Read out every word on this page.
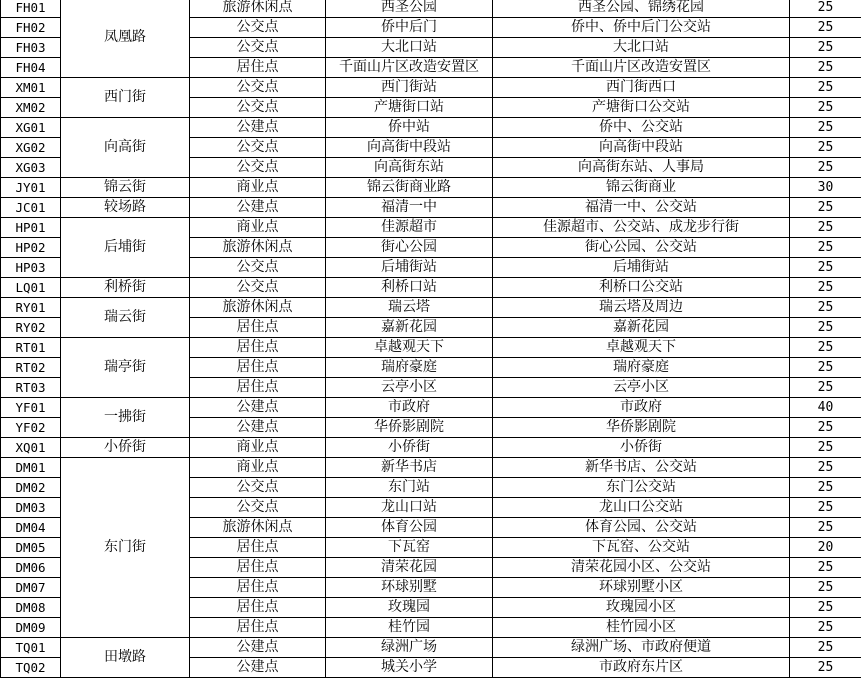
FH01	凤凰路	旅游休闲点	西圣公园	西圣公园、锦绣花园	25
FH02		公交点	侨中后门	侨中、侨中后门公交站	25
FH03		公交点	大北口站	大北口站	25
FH04		居住点	千面山片区改造安置区	千面山片区改造安置区	25
XM01	西门街	公交点	西门街站	西门街西口	25
XM02		公交点	产塘街口站	产塘街口公交站	25
XG01	向高街	公建点	侨中站	侨中、公交站	25
XG02		公交点	向高街中段站	向高街中段站	25
XG03		公交点	向高街东站	向高街东站、人事局	25
JY01	锦云街	商业点	锦云街商业路	锦云街商业	30
JC01	较场路	公建点	福清一中	福清一中、公交站	25
HP01	后埔街	商业点	佳源超市	佳源超市、公交站、成龙步行街	25
HP02		旅游休闲点	街心公园	街心公园、公交站	25
HP03		公交点	后埔街站	后埔街站	25
LQ01	利桥街	公交点	利桥口站	利桥口公交站	25
RY01	瑞云街	旅游休闲点	瑞云塔	瑞云塔及周边	25
RY02		居住点	嘉新花园	嘉新花园	25
RT01	瑞亭街	居住点	卓越观天下	卓越观天下	25
RT02		居住点	瑞府豪庭	瑞府豪庭	25
RT03		居住点	云亭小区	云亭小区	25
YF01	一拂街	公建点	市政府	市政府	40
YF02		公建点	华侨影剧院	华侨影剧院	25
XQ01	小侨街	商业点	小侨街	小侨街	25
DM01	东门街	商业点	新华书店	新华书店、公交站	25
DM02		公交点	东门站	东门公交站	25
DM03		公交点	龙山口站	龙山口公交站	25
DM04		旅游休闲点	体育公园	体育公园、公交站	25
DM05		居住点	下瓦窑	下瓦窑、公交站	20
DM06		居住点	清荣花园	清荣花园小区、公交站	25
DM07		居住点	环球别墅	环球别墅小区	25
DM08		居住点	玫瑰园	玫瑰园小区	25
DM09		居住点	桂竹园	桂竹园小区	25
TQ01	田墩路	公建点	绿洲广场	绿洲广场、市政府便道	25
TQ02		公建点	城关小学	市政府东片区	25
